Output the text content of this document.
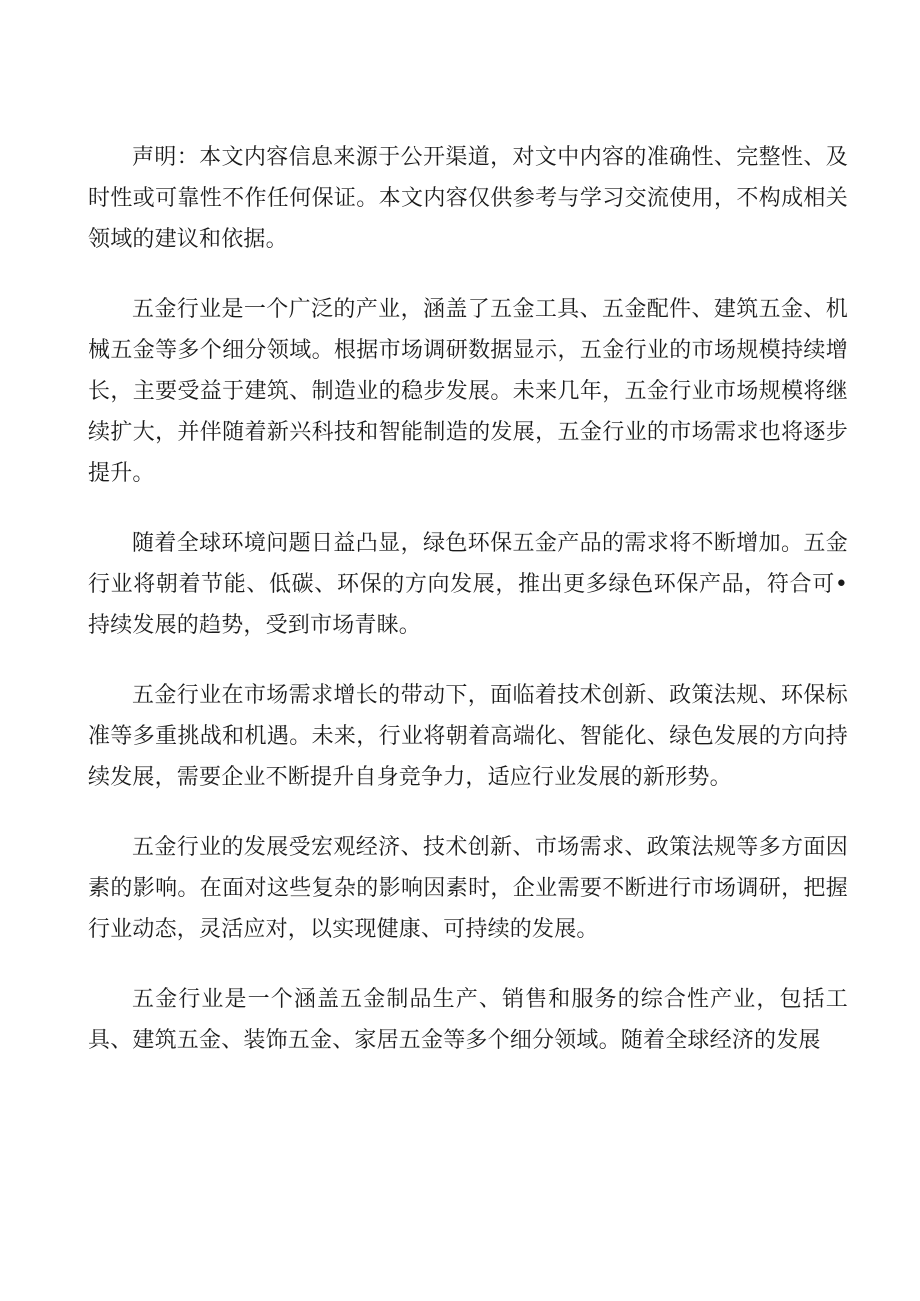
声明：本文内容信息来源于公开渠道，对文中内容的准确性、完整性、及时性或可靠性不作任何保证。本文内容仅供参考与学习交流使用，不构成相关领域的建议和依据。

五金行业是一个广泛的产业，涵盖了五金工具、五金配件、建筑五金、机械五金等多个细分领域。根据市场调研数据显示，五金行业的市场规模持续增长，主要受益于建筑、制造业的稳步发展。未来几年，五金行业市场规模将继续扩大，并伴随着新兴科技和智能制造的发展，五金行业的市场需求也将逐步提升。

随着全球环境问题日益凸显，绿色环保五金产品的需求将不断增加。五金行业将朝着节能、低碳、环保的方向发展，推出更多绿色环保产品，符合可•持续发展的趋势，受到市场青睐。

五金行业在市场需求增长的带动下，面临着技术创新、政策法规、环保标准等多重挑战和机遇。未来，行业将朝着高端化、智能化、绿色发展的方向持续发展，需要企业不断提升自身竞争力，适应行业发展的新形势。

五金行业的发展受宏观经济、技术创新、市场需求、政策法规等多方面因素的影响。在面对这些复杂的影响因素时，企业需要不断进行市场调研，把握行业动态，灵活应对，以实现健康、可持续的发展。

五金行业是一个涵盖五金制品生产、销售和服务的综合性产业，包括工具、建筑五金、装饰五金、家居五金等多个细分领域。随着全球经济的发展
